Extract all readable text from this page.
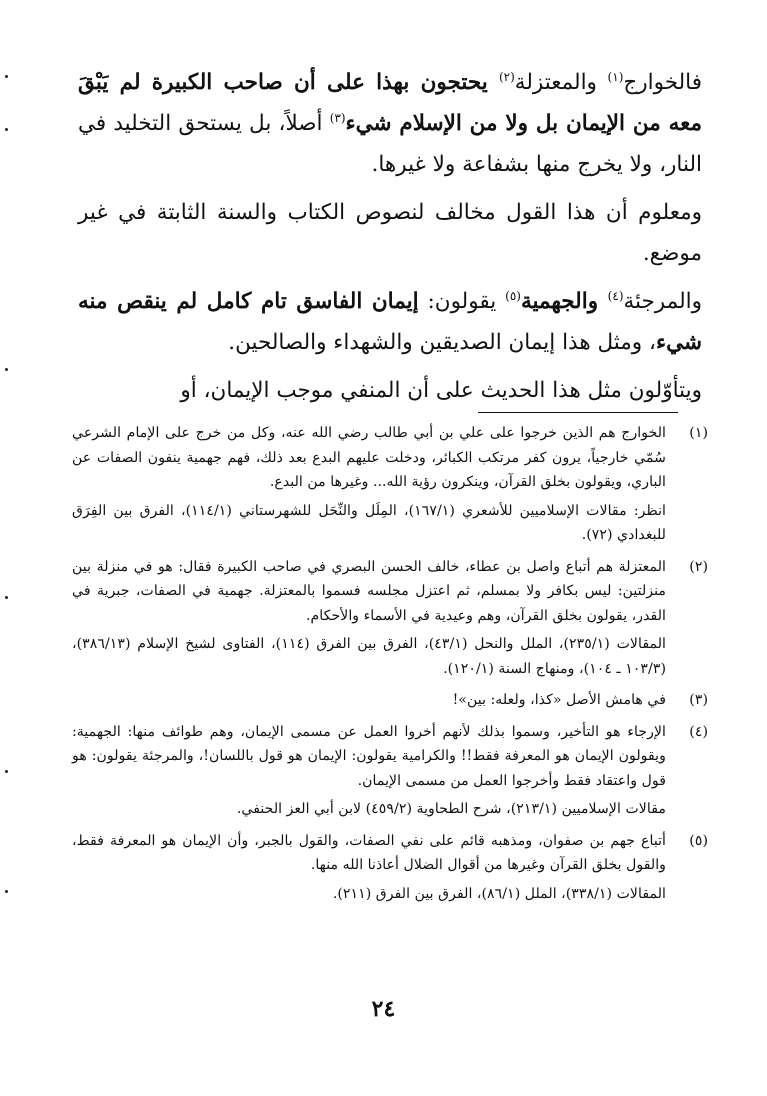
فالخوارج$^{(١)}$ والمعتزلة$^{(٢)}$ يحتجون بهذا على أن صاحب الكبيرة لم يَبْقَ معه من الإيمان بل ولا من الإسلام شيء$^{(٣)}$ أصلاً، بل يستحق التخليد في النار، ولا يخرج منها بشفاعة ولا غيرها.

ومعلوم أن هذا القول مخالف لنصوص الكتاب والسنة الثابتة في غير موضع.

والمرجئة$^{(٤)}$ والجهمية$^{(٥)}$ يقولون: إيمان الفاسق تام كامل لم ينقص منه شيء، ومثل هذا إيمان الصديقين والشهداء والصالحين.

ويتأوّلون مثل هذا الحديث على أن المنفي موجب الإيمان، أو

(١)

الخوارج هم الذين خرجوا على علي بن أبي طالب رضي الله عنه، وكل من خرج على الإمام الشرعي سُمّي خارجياً، يرون كفر مرتكب الكبائر، ودخلت عليهم البدع بعد ذلك، فهم جهمية ينفون الصفات عن الباري، ويقولون بخلق القرآن، وينكرون رؤية الله... وغيرها من البدع.

انظر: مقالات الإسلاميين للأشعري (١٦٧/١)، المِلَل والنِّحَل للشهرستاني (١١٤/١)، الفرق بين الفِرَق للبغدادي (٧٢).

(٢)

المعتزلة هم أتباع واصل بن عطاء، خالف الحسن البصري في صاحب الكبيرة فقال: هو في منزلة بين منزلتين: ليس بكافر ولا بمسلم، ثم اعتزل مجلسه فسموا بالمعتزلة. جهمية في الصفات، جبرية في القدر، يقولون بخلق القرآن، وهم وعيدية في الأسماء والأحكام.

المقالات (٢٣٥/١)، الملل والنحل (٤٣/١)، الفرق بين الفرق (١١٤)، الفتاوى لشيخ الإسلام (٣٨٦/١٣)، (١٠٣/٣ ـ ١٠٤)، ومنهاج السنة (١٢٠/١).

(٣)

في هامش الأصل «كذا، ولعله: بين»!

(٤)

الإرجاء هو التأخير، وسموا بذلك لأنهم أخروا العمل عن مسمى الإيمان، وهم طوائف منها: الجهمية: ويقولون الإيمان هو المعرفة فقط!! والكرامية يقولون: الإيمان هو قول باللسان!، والمرجئة يقولون: هو قول واعتقاد فقط وأخرجوا العمل من مسمى الإيمان.

مقالات الإسلاميين (٢١٣/١)، شرح الطحاوية (٤٥٩/٢) لابن أبي العز الحنفي.

(٥)

أتباع جهم بن صفوان، ومذهبه قائم على نفي الصفات، والقول بالجبر، وأن الإيمان هو المعرفة فقط، والقول بخلق القرآن وغيرها من أقوال الضلال أعاذنا الله منها.

المقالات (٣٣٨/١)، الملل (٨٦/١)، الفرق بين الفرق (٢١١).

٢٤
